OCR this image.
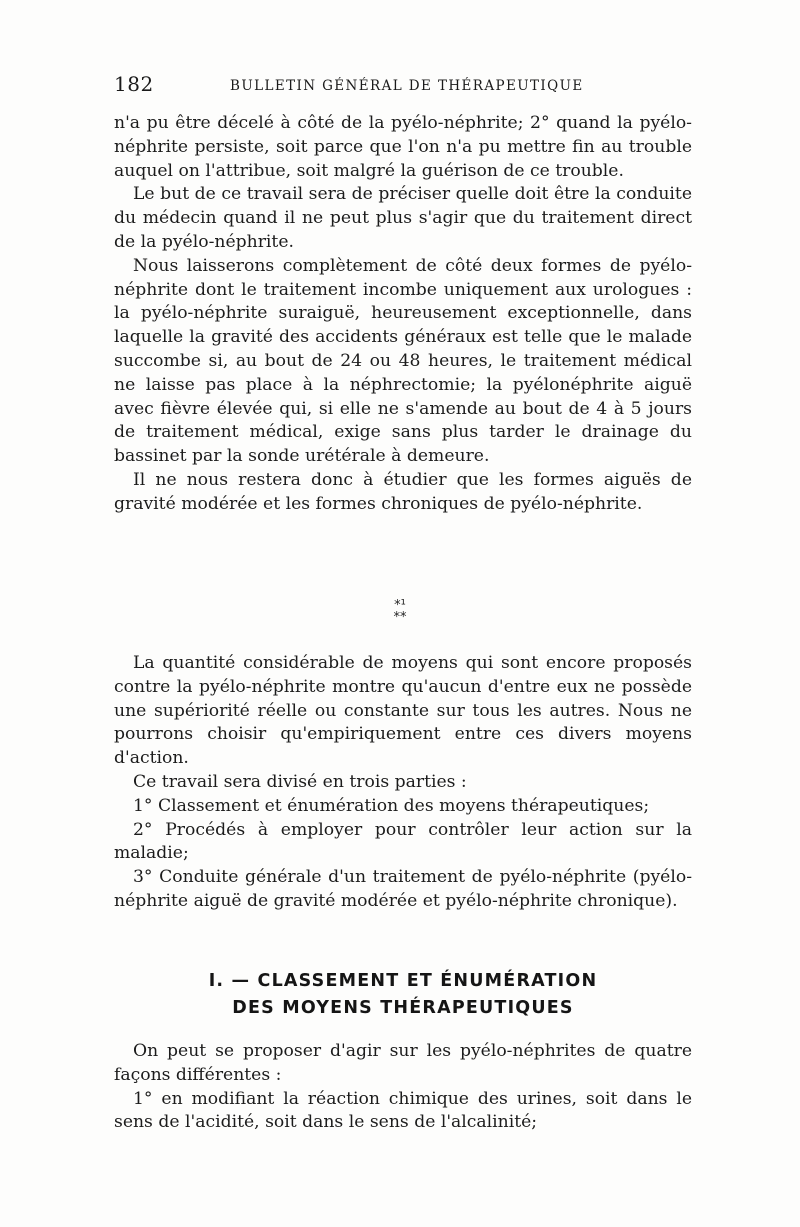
182	BULLETIN GÉNÉRAL DE THÉRAPEUTIQUE

n'a pu être décelé à côté de la pyélo-néphrite; 2° quand la pyélo-néphrite persiste, soit parce que l'on n'a pu mettre fin au trouble auquel on l'attribue, soit malgré la guérison de ce trouble.

Le but de ce travail sera de préciser quelle doit être la conduite du médecin quand il ne peut plus s'agir que du traitement direct de la pyélo-néphrite.

Nous laisserons complètement de côté deux formes de pyélonéphrite dont le traitement incombe uniquement aux urologues : la pyélo-néphrite suraiguë, heureusement exceptionnelle, dans laquelle la gravité des accidents généraux est telle que le malade succombe si, au bout de 24 ou 48 heures, le traitement médical ne laisse pas place à la néphrectomie; la pyélonéphrite aiguë avec fièvre élevée qui, si elle ne s'amende au bout de 4 à 5 jours de traitement médical, exige sans plus tarder le drainage du bassinet par la sonde urétérale à demeure.

Il ne nous restera donc à étudier que les formes aiguës de gravité modérée et les formes chroniques de pyélo-néphrite.

*¹
**

La quantité considérable de moyens qui sont encore proposés contre la pyélo-néphrite montre qu'aucun d'entre eux ne possède une supériorité réelle ou constante sur tous les autres. Nous ne pourrons choisir qu'empiriquement entre ces divers moyens d'action.

Ce travail sera divisé en trois parties :

1° Classement et énumération des moyens thérapeutiques;

2° Procédés à employer pour contrôler leur action sur la maladie;

3° Conduite générale d'un traitement de pyélo-néphrite (pyélonéphrite aiguë de gravité modérée et pyélo-néphrite chronique).

I. — CLASSEMENT ET ÉNUMÉRATION
DES MOYENS THÉRAPEUTIQUES

On peut se proposer d'agir sur les pyélo-néphrites de quatre façons différentes :

1° en modifiant la réaction chimique des urines, soit dans le sens de l'acidité, soit dans le sens de l'alcalinité;
